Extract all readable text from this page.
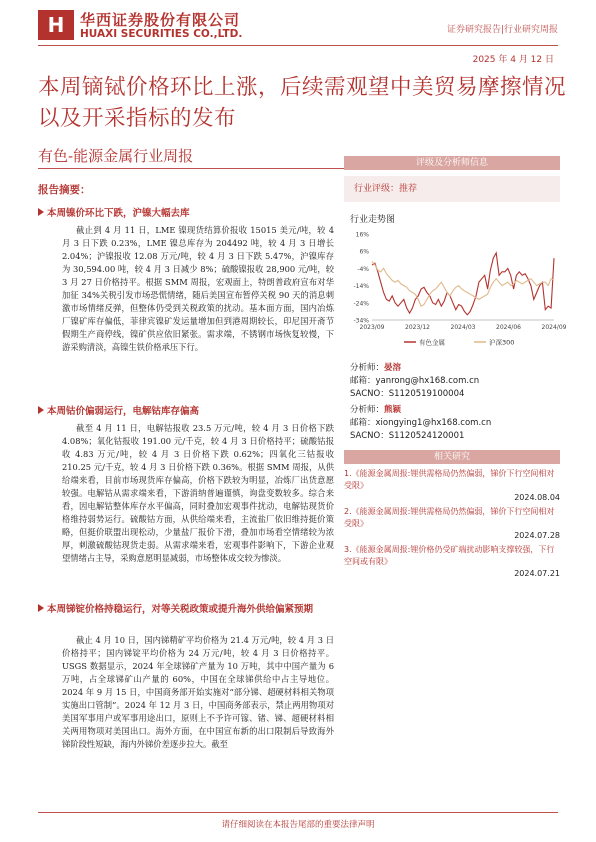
H	华西证券股份有限公司
HUAXI SECURITIES CO.,LTD.	证券研究报告|行业研究周报
2025 年 4 月 12 日
本周镝铽价格环比上涨，后续需观望中美贸易摩擦情况以及开采指标的发布
有色-能源金属行业周报
报告摘要：
本周镍价环比下跌，沪镍大幅去库

截止到 4 月 11 日，LME 镍现货结算价报收 15015 美元/吨，较 4 月 3 日下跌 0.23%，LME 镍总库存为 204492 吨，较 4 月 3 日增长 2.04%；沪镍报收 12.08 万元/吨，较 4 月 3 日下跌 5.47%，沪镍库存为 30,594.00 吨，较 4 月 3 日减少 8%；硫酸镍报收 28,900 元/吨，较 3 月 27 日价格持平。根据 SMM 周报，宏观面上，特朗普政府宣布对华加征 34%关税引发市场恐慌情绪，随后美国宣布暂停关税 90 天的消息刺激市场情绪反弹，但整体仍受到关税政策的扰动。基本面方面，国内冶炼厂镍矿库存偏低，菲律宾镍矿发运量增加但到港周期较长，印尼国开斋节假期生产商停线，镍矿供应依旧紧张。需求端，不锈钢市场恢复较慢，下游采购清淡，高镍生铁价格承压下行。

本周钴价偏弱运行，电解钴库存偏高

截至 4 月 11 日，电解钴报收 23.5 万元/吨，较 4 月 3 日价格下跌 4.08%；氧化钴报收 191.00 元/千克，较 4 月 3 日价格持平；硫酸钴报收 4.83 万元/吨，较 4 月 3 日价格下跌 0.62%；四氧化三钴报收 210.25 元/千克，较 4 月 3 日价格下跌 0.36%。根据 SMM 周报，从供给端来看，目前市场现货库存偏高，价格下跌较为明显，冶炼厂出货意愿较强。电解钴从需求端来看，下游消纳普遍谨慎，询盘变数较多。综合来看，因电解钴整体库存水平偏高，同时叠加宏观事件扰动，电解钴现货价格维持弱势运行。硫酸钴方面，从供给端来看，主流盐厂依旧维持挺价策略，但挺价联盟出现松动，少量盐厂报价下滑，叠加市场看空情绪较为浓厚，刺激硫酸钴现货走弱。从需求端来看，宏观事件影响下，下游企业观望情绪占主导，采购意愿明显减弱，市场整体成交较为惨淡。

本周锑锭价格持稳运行，对等关税政策或提升海外供给偏紧预期

截止 4 月 10 日，国内锑精矿平均价格为 21.4 万元/吨，较 4 月 3 日价格持平；国内锑锭平均价格为 24 万元/吨，较 4 月 3 日价格持平。USGS 数据显示，2024 年全球锑矿产量为 10 万吨，其中中国产量为 6 万吨，占全球锑矿山产量的 60%，中国在全球锑供给中占主导地位。2024 年 9 月 15 日，中国商务部开始实施对“部分锑、超硬材料相关物项实施出口管制”。2024 年 12 月 3 日，中国商务部表示，禁止两用物项对美国军事用户或军事用途出口，原则上不予许可镓、锗、锑、超硬材料相关两用物项对美国出口。海外方面，在中国宣布新的出口限制后导致海外锑阶段性短缺，海内外锑价差逐步拉大。截至

评级及分析师信息
行业评级：推荐
行业走势图
16%
6%
-4%
-14%
-24%
-34%
2023/09	2023/12	2024/03	2024/06	2024/09
有色金属	沪深300
分析师：晏溶
邮箱：yanrong@hx168.com.cn
SACNO：S1120519100004
分析师：熊颖
邮箱：xiongying1@hx168.com.cn
SACNO：S1120524120001
相关研究
1.《能源金属周报:锂供需格局仍然偏弱，锑价下行空间相对受限》
2024.08.04
2.《能源金属周报:锂供需格局仍然偏弱，锑价下行空间相对受限》
2024.07.28
3.《能源金属周报:锂价格仍受矿端扰动影响支撑较强，下行空间或有限》
2024.07.21
请仔细阅读在本报告尾部的重要法律声明
